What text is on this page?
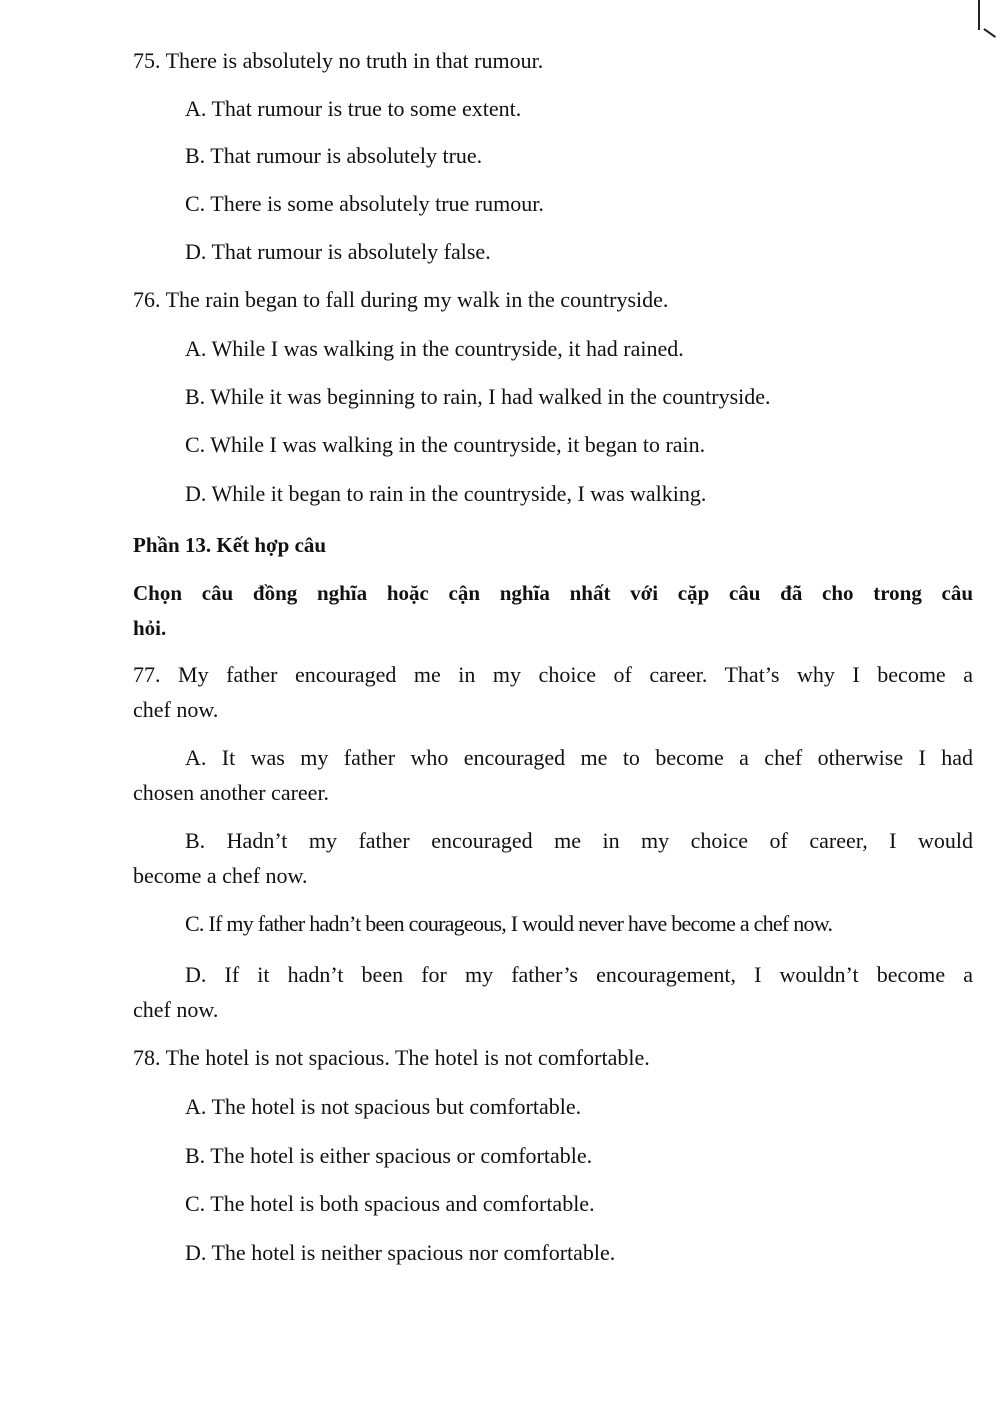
75. There is absolutely no truth in that rumour.
A. That rumour is true to some extent.
B. That rumour is absolutely true.
C. There is some absolutely true rumour.
D. That rumour is absolutely false.
76. The rain began to fall during my walk in the countryside.
A. While I was walking in the countryside, it had rained.
B. While it was beginning to rain, I had walked in the countryside.
C. While I was walking in the countryside, it began to rain.
D. While it began to rain in the countryside, I was walking.
Phần 13. Kết hợp câu
Chọn câu đồng nghĩa hoặc cận nghĩa nhất với cặp câu đã cho trong câu
hỏi.
77. My father encouraged me in my choice of career. That’s why I become a
chef now.
A. It was my father who encouraged me to become a chef otherwise I had
chosen another career.
B. Hadn’t my father encouraged me in my choice of career, I would
become a chef now.
C. If my father hadn’t been courageous, I would never have become a chef now.
D. If it hadn’t been for my father’s encouragement, I wouldn’t become a
chef now.
78. The hotel is not spacious. The hotel is not comfortable.
A. The hotel is not spacious but comfortable.
B. The hotel is either spacious or comfortable.
C. The hotel is both spacious and comfortable.
D. The hotel is neither spacious nor comfortable.
